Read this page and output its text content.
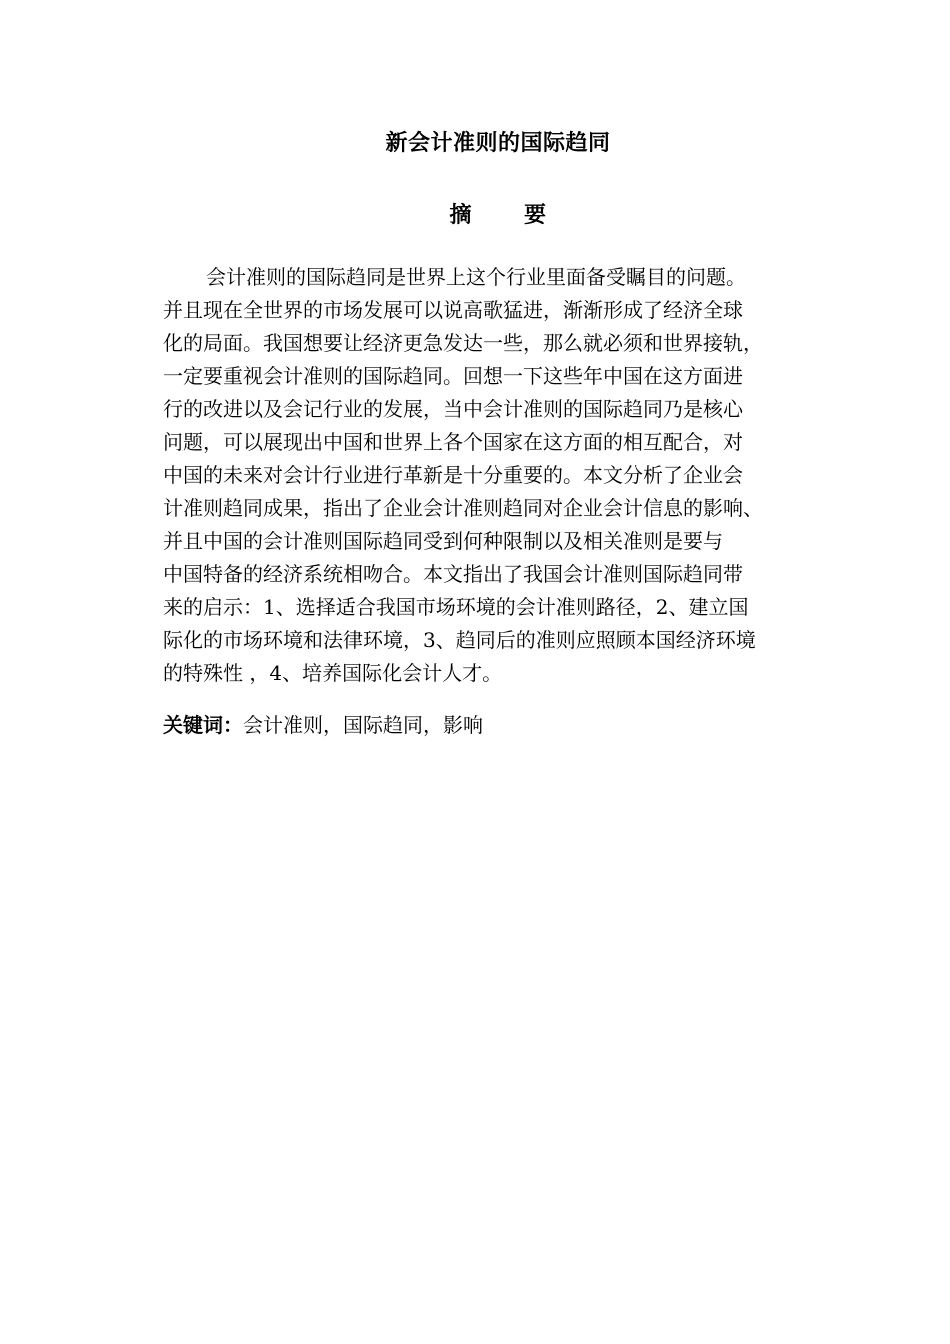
新会计准则的国际趋同
摘 要
会计准则的国际趋同是世界上这个行业里面备受瞩目的问题。
并且现在全世界的市场发展可以说高歌猛进，渐渐形成了经济全球
化的局面。我国想要让经济更急发达一些，那么就必须和世界接轨，
一定要重视会计准则的国际趋同。回想一下这些年中国在这方面进
行的改进以及会记行业的发展，当中会计准则的国际趋同乃是核心
问题，可以展现出中国和世界上各个国家在这方面的相互配合，对
中国的未来对会计行业进行革新是十分重要的。本文分析了企业会
计准则趋同成果，指出了企业会计准则趋同对企业会计信息的影响、
并且中国的会计准则国际趋同受到何种限制以及相关准则是要与
中国特备的经济系统相吻合。本文指出了我国会计准则国际趋同带
来的启示：1、选择适合我国市场环境的会计准则路径，2、建立国
际化的市场环境和法律环境，3、趋同后的准则应照顾本国经济环境
的特殊性 ，4、培养国际化会计人才。
关键词：会计准则，国际趋同，影响
